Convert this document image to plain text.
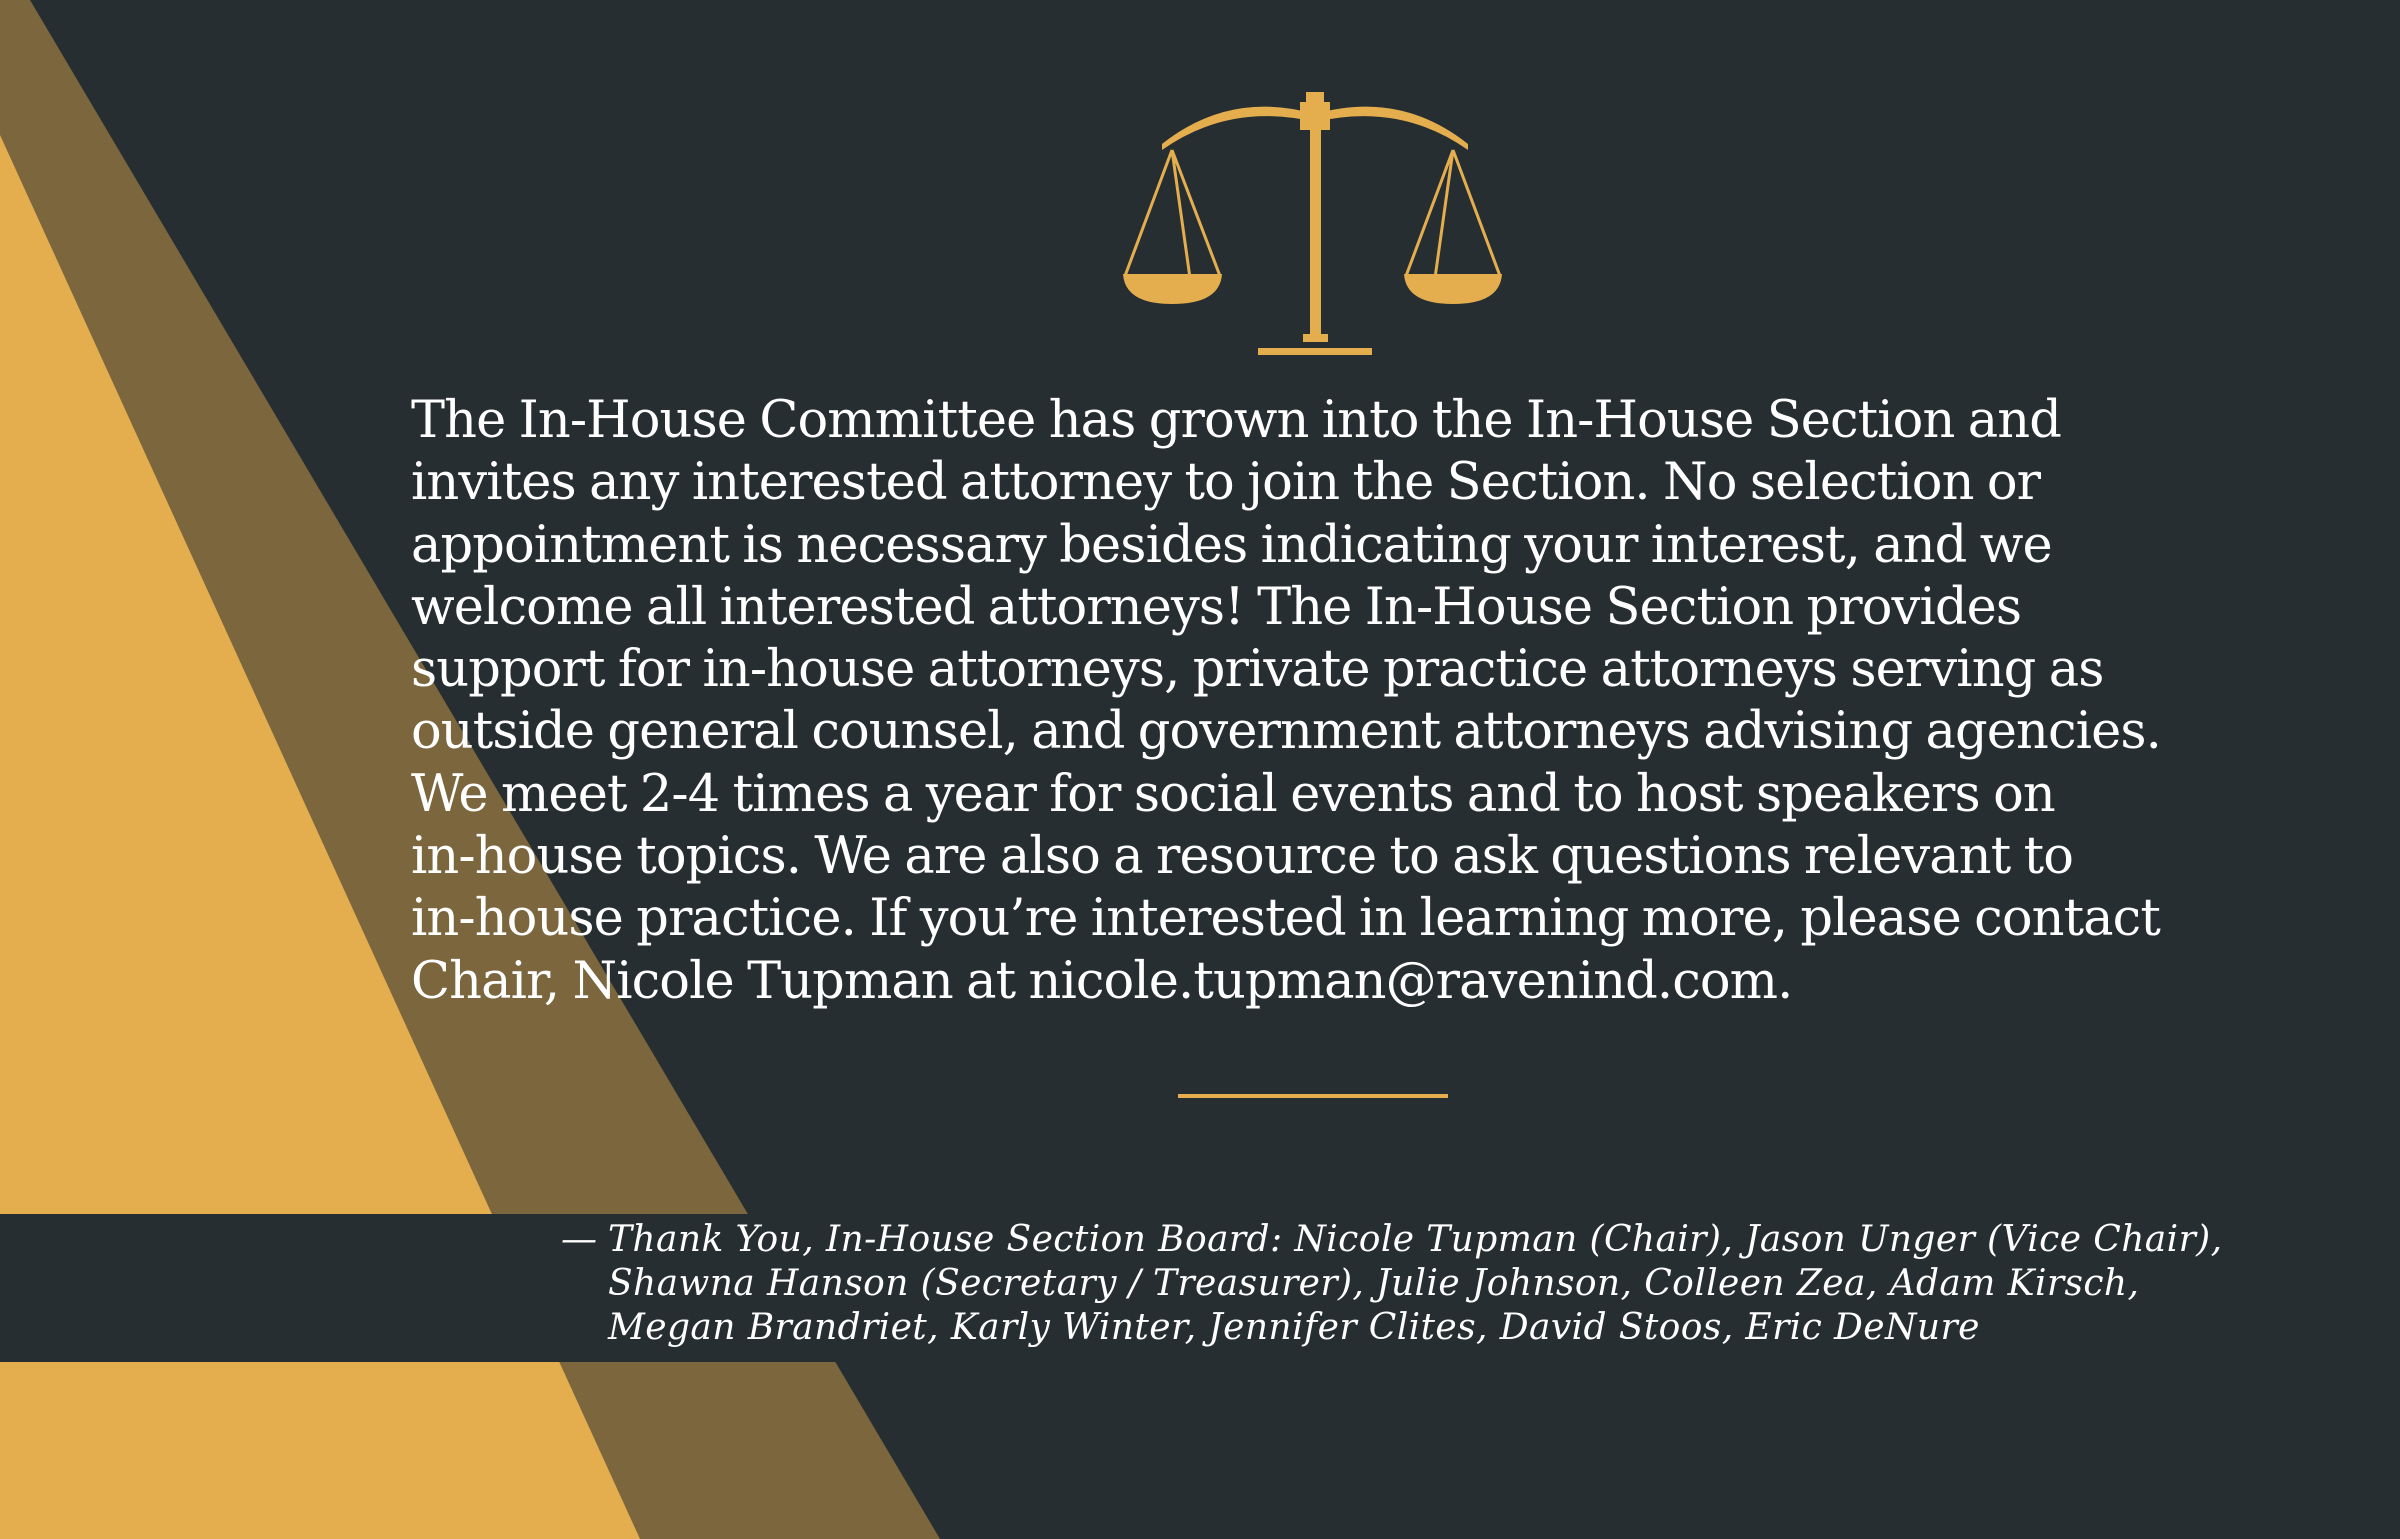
The In-House Committee has grown into the In-House Section and
invites any interested attorney to join the Section. No selection or
appointment is necessary besides indicating your interest, and we
welcome all interested attorneys! The In-House Section provides
support for in-house attorneys, private practice attorneys serving as
outside general counsel, and government attorneys advising agencies.
We meet 2-4 times a year for social events and to host speakers on
in-house topics. We are also a resource to ask questions relevant to
in-house practice. If you’re interested in learning more, please contact
Chair, Nicole Tupman at nicole.tupman@ravenind.com.

— Thank You, In-House Section Board: Nicole Tupman (Chair), Jason Unger (Vice Chair),
Shawna Hanson (Secretary / Treasurer), Julie Johnson, Colleen Zea, Adam Kirsch,
Megan Brandriet, Karly Winter, Jennifer Clites, David Stoos, Eric DeNure
